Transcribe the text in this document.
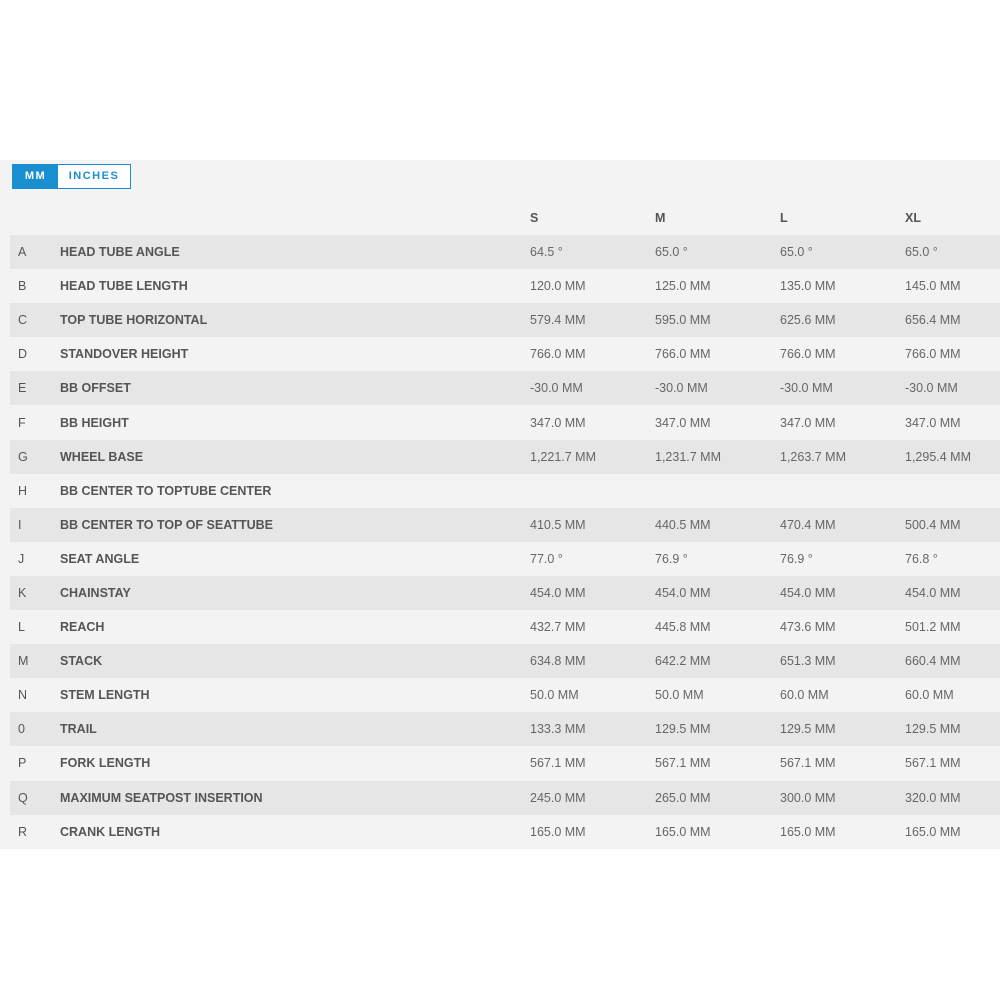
MM	INCHES
S	M	L	XL
A	HEAD TUBE ANGLE	64.5 °	65.0 °	65.0 °	65.0 °
B	HEAD TUBE LENGTH	120.0 MM	125.0 MM	135.0 MM	145.0 MM
C	TOP TUBE HORIZONTAL	579.4 MM	595.0 MM	625.6 MM	656.4 MM
D	STANDOVER HEIGHT	766.0 MM	766.0 MM	766.0 MM	766.0 MM
E	BB OFFSET	-30.0 MM	-30.0 MM	-30.0 MM	-30.0 MM
F	BB HEIGHT	347.0 MM	347.0 MM	347.0 MM	347.0 MM
G	WHEEL BASE	1,221.7 MM	1,231.7 MM	1,263.7 MM	1,295.4 MM
H	BB CENTER TO TOPTUBE CENTER
I	BB CENTER TO TOP OF SEATTUBE	410.5 MM	440.5 MM	470.4 MM	500.4 MM
J	SEAT ANGLE	77.0 °	76.9 °	76.9 °	76.8 °
K	CHAINSTAY	454.0 MM	454.0 MM	454.0 MM	454.0 MM
L	REACH	432.7 MM	445.8 MM	473.6 MM	501.2 MM
M	STACK	634.8 MM	642.2 MM	651.3 MM	660.4 MM
N	STEM LENGTH	50.0 MM	50.0 MM	60.0 MM	60.0 MM
0	TRAIL	133.3 MM	129.5 MM	129.5 MM	129.5 MM
P	FORK LENGTH	567.1 MM	567.1 MM	567.1 MM	567.1 MM
Q	MAXIMUM SEATPOST INSERTION	245.0 MM	265.0 MM	300.0 MM	320.0 MM
R	CRANK LENGTH	165.0 MM	165.0 MM	165.0 MM	165.0 MM
